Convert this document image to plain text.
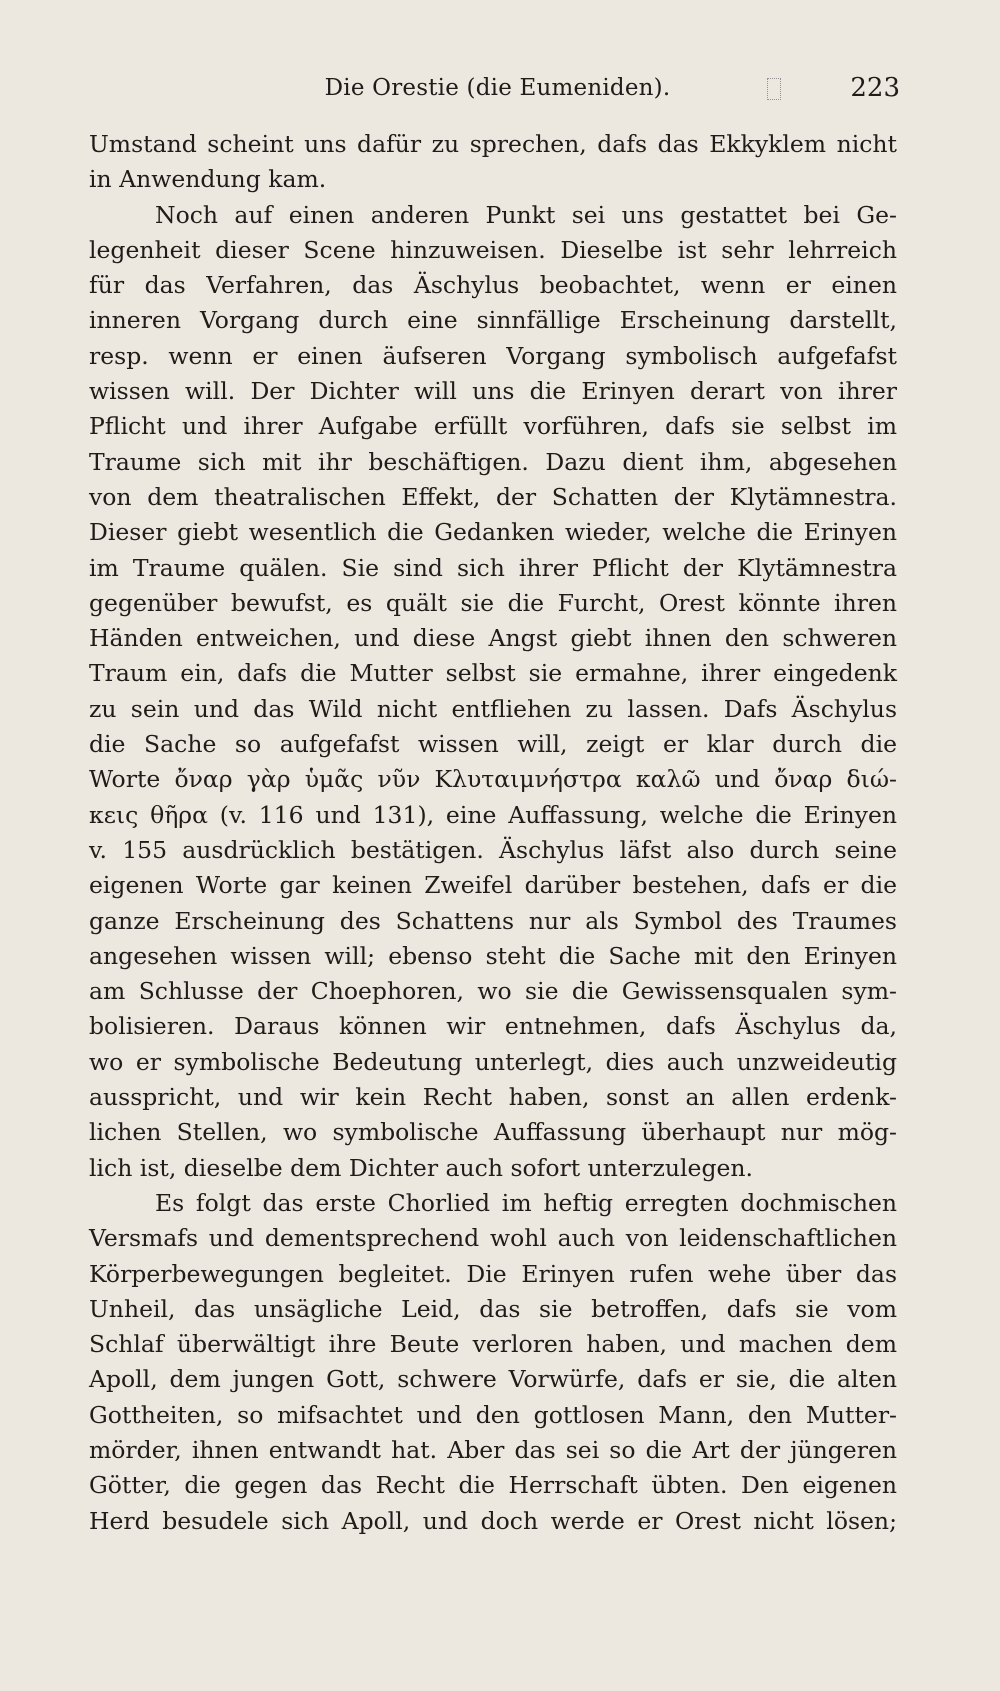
Die Orestie (die Eumeniden).	223
Umstand scheint uns dafür zu sprechen, dafs das Ekkyklem nicht
in Anwendung kam.
Noch auf einen anderen Punkt sei uns gestattet bei Ge-
legenheit dieser Scene hinzuweisen. Dieselbe ist sehr lehrreich
für das Verfahren, das Äschylus beobachtet, wenn er einen
inneren Vorgang durch eine sinnfällige Erscheinung darstellt,
resp. wenn er einen äufseren Vorgang symbolisch aufgefafst
wissen will. Der Dichter will uns die Erinyen derart von ihrer
Pflicht und ihrer Aufgabe erfüllt vorführen, dafs sie selbst im
Traume sich mit ihr beschäftigen. Dazu dient ihm, abgesehen
von dem theatralischen Effekt, der Schatten der Klytämnestra.
Dieser giebt wesentlich die Gedanken wieder, welche die Erinyen
im Traume quälen. Sie sind sich ihrer Pflicht der Klytämnestra
gegenüber bewufst, es quält sie die Furcht, Orest könnte ihren
Händen entweichen, und diese Angst giebt ihnen den schweren
Traum ein, dafs die Mutter selbst sie ermahne, ihrer eingedenk
zu sein und das Wild nicht entfliehen zu lassen. Dafs Äschylus
die Sache so aufgefafst wissen will, zeigt er klar durch die
Worte ὄναρ γὰρ ὑμᾶς νῦν Κλυταιμνήστρα καλῶ und ὄναρ διώ-
κεις θῆρα (v. 116 und 131), eine Auffassung, welche die Erinyen
v. 155 ausdrücklich bestätigen. Äschylus läfst also durch seine
eigenen Worte gar keinen Zweifel darüber bestehen, dafs er die
ganze Erscheinung des Schattens nur als Symbol des Traumes
angesehen wissen will; ebenso steht die Sache mit den Erinyen
am Schlusse der Choephoren, wo sie die Gewissensqualen sym-
bolisieren. Daraus können wir entnehmen, dafs Äschylus da,
wo er symbolische Bedeutung unterlegt, dies auch unzweideutig
ausspricht, und wir kein Recht haben, sonst an allen erdenk-
lichen Stellen, wo symbolische Auffassung überhaupt nur mög-
lich ist, dieselbe dem Dichter auch sofort unterzulegen.
Es folgt das erste Chorlied im heftig erregten dochmischen
Versmafs und dementsprechend wohl auch von leidenschaftlichen
Körperbewegungen begleitet. Die Erinyen rufen wehe über das
Unheil, das unsägliche Leid, das sie betroffen, dafs sie vom
Schlaf überwältigt ihre Beute verloren haben, und machen dem
Apoll, dem jungen Gott, schwere Vorwürfe, dafs er sie, die alten
Gottheiten, so mifsachtet und den gottlosen Mann, den Mutter-
mörder, ihnen entwandt hat. Aber das sei so die Art der jüngeren
Götter, die gegen das Recht die Herrschaft übten. Den eigenen
Herd besudele sich Apoll, und doch werde er Orest nicht lösen;
